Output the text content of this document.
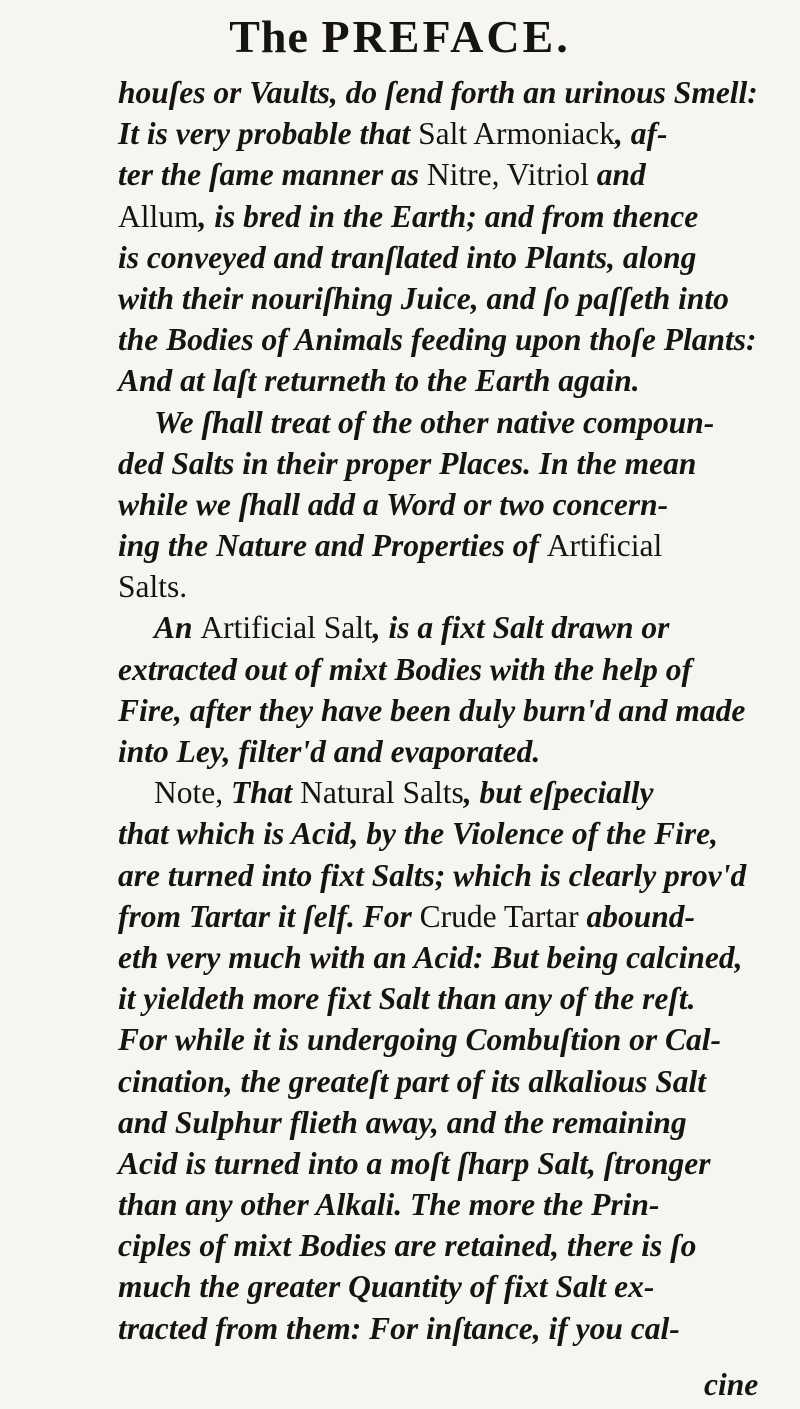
The PREFACE.
houſes or Vaults, do ſend forth an urinous Smell:
It is very probable that Salt Armoniack, af-
ter the ſame manner as Nitre, Vitriol and
Allum, is bred in the Earth; and from thence
is conveyed and tranſlated into Plants, along
with their nouriſhing Juice, and ſo paſſeth into
the Bodies of Animals feeding upon thoſe Plants:
And at laſt returneth to the Earth again.
We ſhall treat of the other native compoun-
ded Salts in their proper Places. In the mean
while we ſhall add a Word or two concern-
ing the Nature and Properties of Artificial
Salts.
An Artificial Salt, is a fixt Salt drawn or
extracted out of mixt Bodies with the help of
Fire, after they have been duly burn'd and made
into Ley, filter'd and evaporated.
Note, That Natural Salts, but eſpecially
that which is Acid, by the Violence of the Fire,
are turned into fixt Salts; which is clearly prov'd
from Tartar it ſelf. For Crude Tartar abound-
eth very much with an Acid: But being calcined,
it yieldeth more fixt Salt than any of the reſt.
For while it is undergoing Combuſtion or Cal-
cination, the greateſt part of its alkalious Salt
and Sulphur flieth away, and the remaining
Acid is turned into a moſt ſharp Salt, ſtronger
than any other Alkali. The more the Prin-
ciples of mixt Bodies are retained, there is ſo
much the greater Quantity of fixt Salt ex-
tracted from them: For inſtance, if you cal-
cine
